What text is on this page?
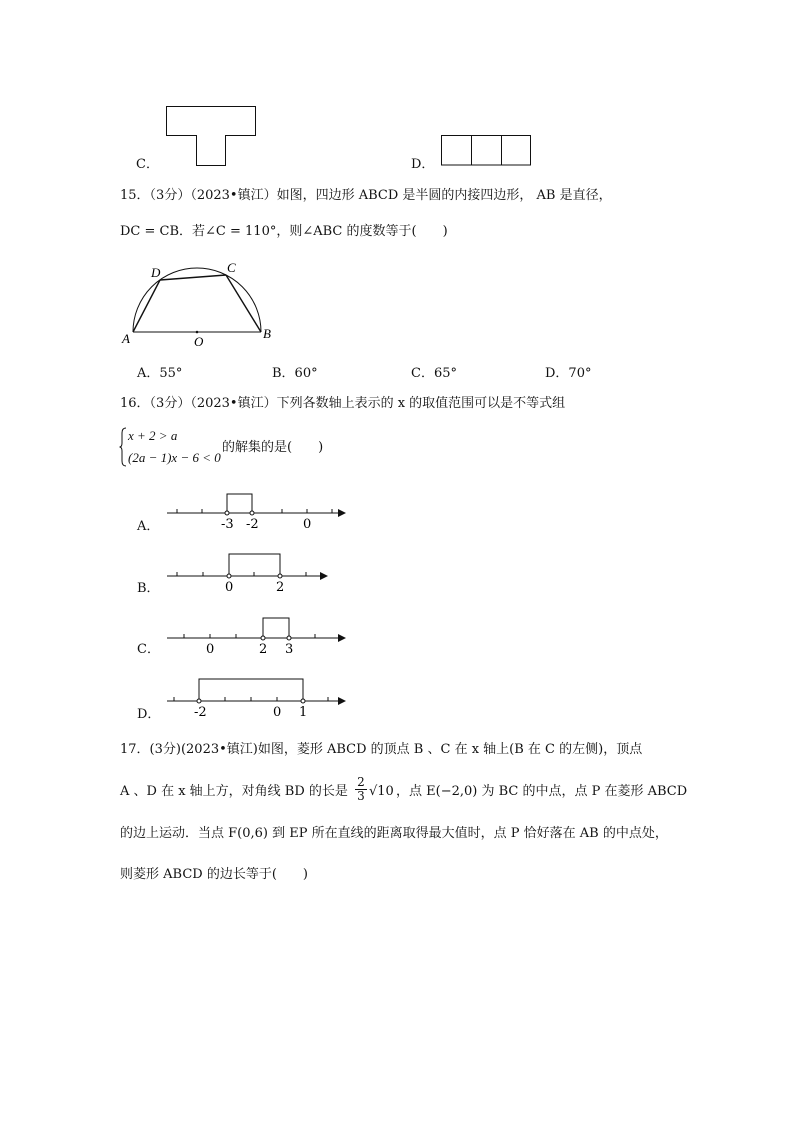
C．	D．
15．（3分）（2023•镇江）如图，四边形 ABCD 是半圆的内接四边形， AB 是直径，
DC = CB．若∠C = 110°，则∠ABC 的度数等于(　　)
A	B
C
D
O
A．55°	B．60°	C．65°	D．70°
16．（3分）（2023•镇江）下列各数轴上表示的 x 的取值范围可以是不等式组
x + 2 > a
(2a − 1)x − 6 < 0
的解集的是(　　)
A．	-3 -2	0
B．	0	2
C．	0	2 3
D．	-2	0 1
17．(3分)(2023•镇江)如图，菱形 ABCD 的顶点 B 、C 在 x 轴上(B 在 C 的左侧)，顶点
A 、D 在 x 轴上方，对角线 BD 的长是 $\frac{2}{3} √10$ ，点 E(−2,0) 为 BC 的中点，点 P 在菱形 ABCD
的边上运动．当点 F(0,6) 到 EP 所在直线的距离取得最大值时，点 P 恰好落在 AB 的中点处，
则菱形 ABCD 的边长等于(　　)
